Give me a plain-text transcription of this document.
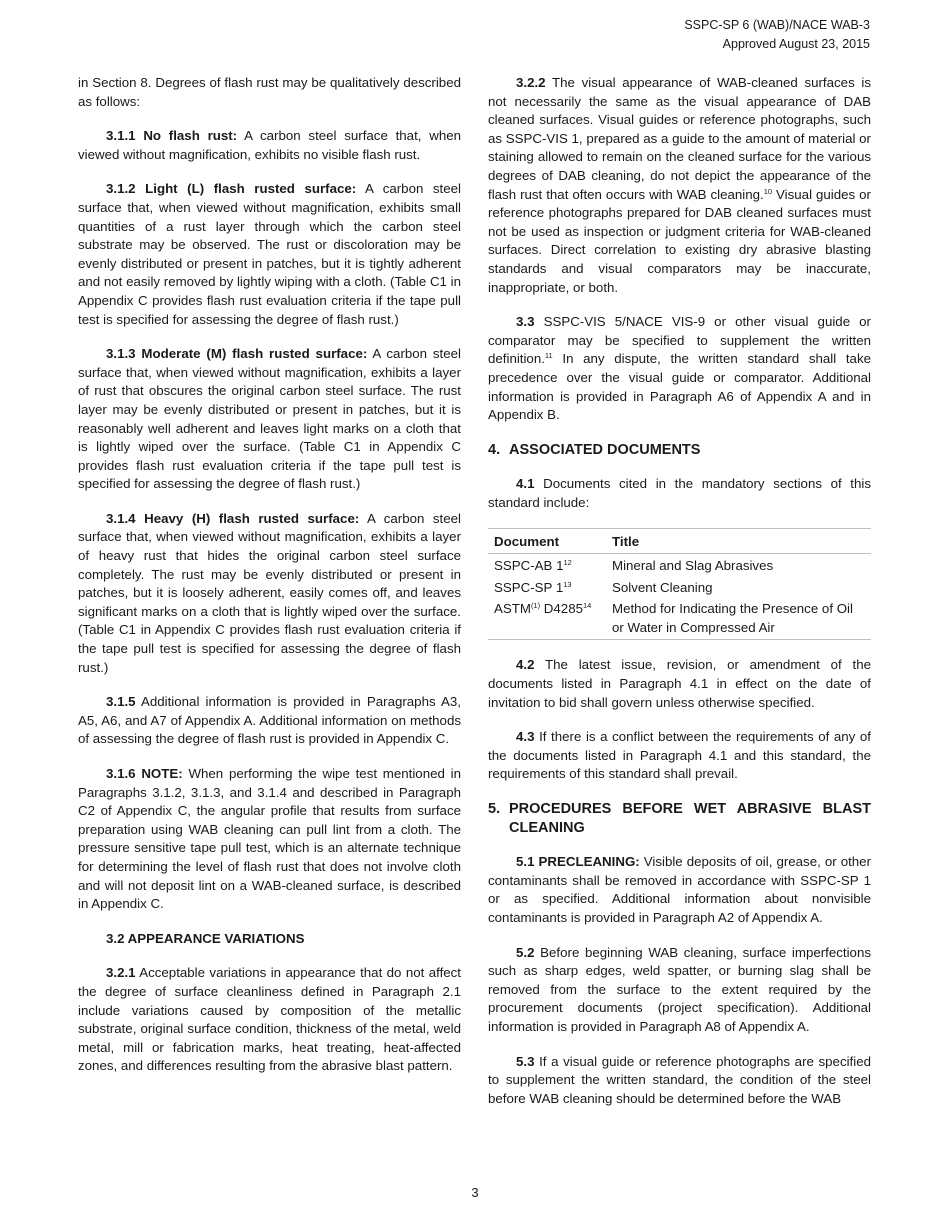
SSPC-SP 6 (WAB)/NACE WAB-3
Approved August 23, 2015

in Section 8. Degrees of flash rust may be qualitatively described as follows:

3.1.1 No flash rust: A carbon steel surface that, when viewed without magnification, exhibits no visible flash rust.

3.1.2 Light (L) flash rusted surface: A carbon steel surface that, when viewed without magnification, exhibits small quantities of a rust layer through which the carbon steel substrate may be observed. The rust or discoloration may be evenly distributed or present in patches, but it is tightly adherent and not easily removed by lightly wiping with a cloth. (Table C1 in Appendix C provides flash rust evaluation criteria if the tape pull test is specified for assessing the degree of flash rust.)

3.1.3 Moderate (M) flash rusted surface: A carbon steel surface that, when viewed without magnification, exhibits a layer of rust that obscures the original carbon steel surface. The rust layer may be evenly distributed or present in patches, but it is reasonably well adherent and leaves light marks on a cloth that is lightly wiped over the surface. (Table C1 in Appendix C provides flash rust evaluation criteria if the tape pull test is specified for assessing the degree of flash rust.)

3.1.4 Heavy (H) flash rusted surface: A carbon steel surface that, when viewed without magnification, exhibits a layer of heavy rust that hides the original carbon steel surface completely. The rust may be evenly distributed or present in patches, but it is loosely adherent, easily comes off, and leaves significant marks on a cloth that is lightly wiped over the surface. (Table C1 in Appendix C provides flash rust evaluation criteria if the tape pull test is specified for assessing the degree of flash rust.)

3.1.5 Additional information is provided in Paragraphs A3, A5, A6, and A7 of Appendix A. Additional information on methods of assessing the degree of flash rust is provided in Appendix C.

3.1.6 NOTE: When performing the wipe test mentioned in Paragraphs 3.1.2, 3.1.3, and 3.1.4 and described in Paragraph C2 of Appendix C, the angular profile that results from surface preparation using WAB cleaning can pull lint from a cloth. The pressure sensitive tape pull test, which is an alternate technique for determining the level of flash rust that does not involve cloth and will not deposit lint on a WAB-cleaned surface, is described in Appendix C.

3.2 APPEARANCE VARIATIONS

3.2.1 Acceptable variations in appearance that do not affect the degree of surface cleanliness defined in Paragraph 2.1 include variations caused by composition of the metallic substrate, original surface condition, thickness of the metal, weld metal, mill or fabrication marks, heat treating, heat-affected zones, and differences resulting from the abrasive blast pattern.

3.2.2 The visual appearance of WAB-cleaned surfaces is not necessarily the same as the visual appearance of DAB cleaned surfaces. Visual guides or reference photographs, such as SSPC-VIS 1, prepared as a guide to the amount of material or staining allowed to remain on the cleaned surface for the various degrees of DAB cleaning, do not depict the appearance of the flash rust that often occurs with WAB cleaning.$^{10}$ Visual guides or reference photographs prepared for DAB cleaned surfaces must not be used as inspection or judgment criteria for WAB-cleaned surfaces. Direct correlation to existing dry abrasive blasting standards and visual comparators may be inaccurate, inappropriate, or both.

3.3 SSPC-VIS 5/NACE VIS-9 or other visual guide or comparator may be specified to supplement the written definition.$^{11}$ In any dispute, the written standard shall take precedence over the visual guide or comparator. Additional information is provided in Paragraph A6 of Appendix A and in Appendix B.

4. ASSOCIATED DOCUMENTS

4.1 Documents cited in the mandatory sections of this standard include:

Document	Title
SSPC-AB $1^{12}$	Mineral and Slag Abrasives
SSPC-SP $1^{13}$	Solvent Cleaning
ASTM$^{(1)}$ D4285$^{14}$	Method for Indicating the Presence of Oil or Water in Compressed Air

4.2 The latest issue, revision, or amendment of the documents listed in Paragraph 4.1 in effect on the date of invitation to bid shall govern unless otherwise specified.

4.3 If there is a conflict between the requirements of any of the documents listed in Paragraph 4.1 and this standard, the requirements of this standard shall prevail.

5. PROCEDURES BEFORE WET ABRASIVE BLAST CLEANING

5.1 PRECLEANING: Visible deposits of oil, grease, or other contaminants shall be removed in accordance with SSPC-SP 1 or as specified. Additional information about nonvisible contaminants is provided in Paragraph A2 of Appendix A.

5.2 Before beginning WAB cleaning, surface imperfections such as sharp edges, weld spatter, or burning slag shall be removed from the surface to the extent required by the procurement documents (project specification). Additional information is provided in Paragraph A8 of Appendix A.

5.3 If a visual guide or reference photographs are specified to supplement the written standard, the condition of the steel before WAB cleaning should be determined before the WAB

3
